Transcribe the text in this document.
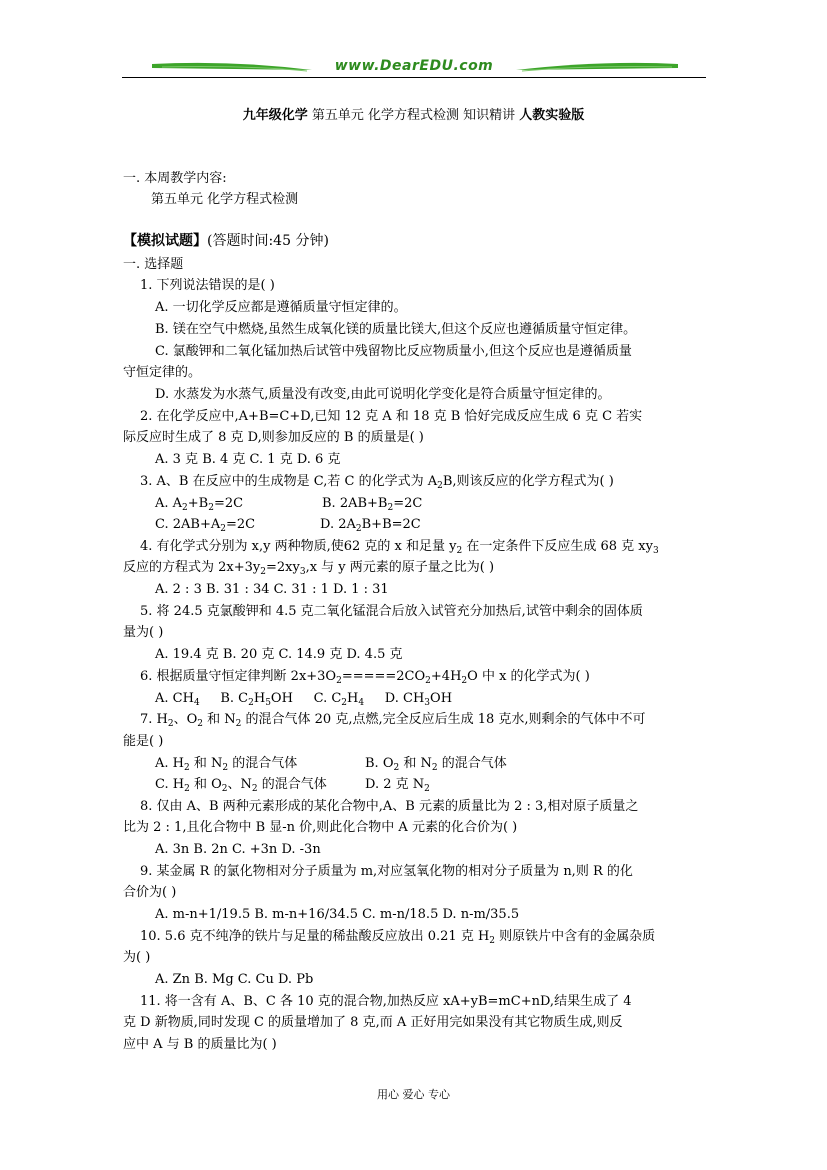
www.DearEDU.com
九年级化学 第五单元 化学方程式检测 知识精讲 人教实验版
一. 本周教学内容:
第五单元 化学方程式检测
【模拟试题】(答题时间:45 分钟)
一. 选择题
1. 下列说法错误的是( )
A. 一切化学反应都是遵循质量守恒定律的。
B. 镁在空气中燃烧,虽然生成氧化镁的质量比镁大,但这个反应也遵循质量守恒定律。
C. 氯酸钾和二氧化锰加热后试管中残留物比反应物质量小,但这个反应也是遵循质量
守恒定律的。
D. 水蒸发为水蒸气,质量没有改变,由此可说明化学变化是符合质量守恒定律的。
2. 在化学反应中,A+B=C+D,已知 12 克 A 和 18 克 B 恰好完成反应生成 6 克 C 若实
际反应时生成了 8 克 D,则参加反应的 B 的质量是( )
A. 3 克 B. 4 克 C. 1 克 D. 6 克
3. A、B 在反应中的生成物是 C,若 C 的化学式为 $A_2B$,则该反应的化学方程式为( )
A. $A_2+B_2=2C$	B. $2AB+B_2=2C$
C. $2AB+A_2=2C$	D. $2A_2B+B=2C$
4. 有化学式分别为 x,y 两种物质,使62 克的 x 和足量 $y_2$ 在一定条件下反应生成 68 克 $xy_3$
反应的方程式为 $2x+3y_2=2xy_3,x$ 与 y 两元素的原子量之比为( )
A. 2 : 3 B. 31 : 34 C. 31 : 1 D. 1 : 31
5. 将 24.5 克氯酸钾和 4.5 克二氧化锰混合后放入试管充分加热后,试管中剩余的固体质
量为( )
A. 19.4 克 B. 20 克 C. 14.9 克 D. 4.5 克
6. 根据质量守恒定律判断 $2x+3O_2=====2CO_2+4H_2O$ 中 x 的化学式为( )
A. $CH_4$ B. $C_2H_5OH$ C. $C_2H_4$ D. $CH_3OH$
7. $H_2$、$O_2$ 和 $N_2$ 的混合气体 20 克,点燃,完全反应后生成 18 克水,则剩余的气体中不可
能是( )
A. $H_2$ 和 $N_2$ 的混合气体	B. $O_2$ 和 $N_2$ 的混合气体
C. $H_2$ 和 $O_2$、$N_2$ 的混合气体	D. 2 克 $N_2$
8. 仅由 A、B 两种元素形成的某化合物中,A、B 元素的质量比为 2 : 3,相对原子质量之
比为 2 : 1,且化合物中 B 显-n 价,则此化合物中 A 元素的化合价为( )
A. 3n B. 2n C. +3n D. -3n
9. 某金属 R 的氯化物相对分子质量为 m,对应氢氧化物的相对分子质量为 n,则 R 的化
合价为( )
A. m-n+1/19.5 B. m-n+16/34.5 C. m-n/18.5 D. n-m/35.5
10. 5.6 克不纯净的铁片与足量的稀盐酸反应放出 0.21 克 $H_2$ 则原铁片中含有的金属杂质
为( )
A. Zn B. Mg C. Cu D. Pb
11. 将一含有 A、B、C 各 10 克的混合物,加热反应 xA+yB=mC+nD,结果生成了 4
克 D 新物质,同时发现 C 的质量增加了 8 克,而 A 正好用完如果没有其它物质生成,则反
应中 A 与 B 的质量比为( )
用心 爱心 专心
